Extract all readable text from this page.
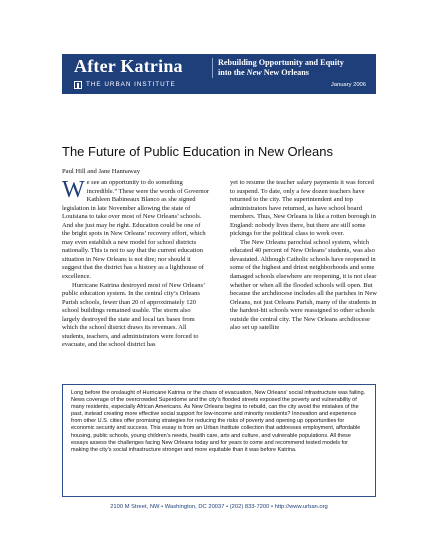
After Katrina	Rebuilding Opportunity and Equity
into the New New Orleans
THE URBAN INSTITUTE	January 2006
The Future of Public Education in New Orleans
Paul Hill and Jane Hannaway

We see an opportunity to do something incredible.” These were the words of Governor Kathleen Babineaux Blanco as she signed legislation in late November allowing the state of Louisiana to take over most of New Orleans’ schools. And she just may be right. Education could be one of the bright spots in New Orleans’ recovery effort, which may even establish a new model for school districts nationally. This is not to say that the current education situation in New Orleans is not dire; nor should it suggest that the district has a history as a lighthouse of excellence.

Hurricane Katrina destroyed most of New Orleans’ public education system. In the central city’s Orleans Parish schools, fewer than 20 of approximately 120 school buildings remained usable. The storm also largely destroyed the state and local tax bases from which the school district draws its revenues. All students, teachers, and administrators were forced to evacuate, and the school district has

yet to resume the teacher salary payments it was forced to suspend. To date, only a few dozen teachers have returned to the city. The superintendent and top administrators have returned, as have school board members. Thus, New Orleans is like a rotten borough in England: nobody lives there, but there are still some pickings for the political class to work over.

The New Orleans parochial school system, which educated 40 percent of New Orleans’ students, was also devastated. Although Catholic schools have reopened in some of the highest and driest neighborhoods and some damaged schools elsewhere are reopening, it is not clear whether or when all the flooded schools will open. But because the archdiocese includes all the parishes in New Orleans, not just Orleans Parish, many of the students in the hardest-hit schools were reassigned to other schools outside the central city. The New Orleans archdiocese also set up satellite

Long before the onslaught of Hurricane Katrina or the chaos of evacuation, New Orleans’ social infrastructure was failing. News coverage of the overcrowded Superdome and the city’s flooded streets exposed the poverty and vulnerability of many residents, especially African Americans. As New Orleans begins to rebuild, can the city avoid the mistakes of the past, instead creating more effective social support for low-income and minority residents? Innovation and experience from other U.S. cities offer promising strategies for reducing the risks of poverty and opening up opportunities for economic security and success. This essay is from an Urban Institute collection that addresses employment, affordable housing, public schools, young children’s needs, health care, arts and culture, and vulnerable populations. All these essays assess the challenges facing New Orleans today and for years to come and recommend tested models for making the city’s social infrastructure stronger and more equitable than it was before Katrina.

2100 M Street, NW • Washington, DC 20037 • (202) 833-7200 • http://www.urban.org
